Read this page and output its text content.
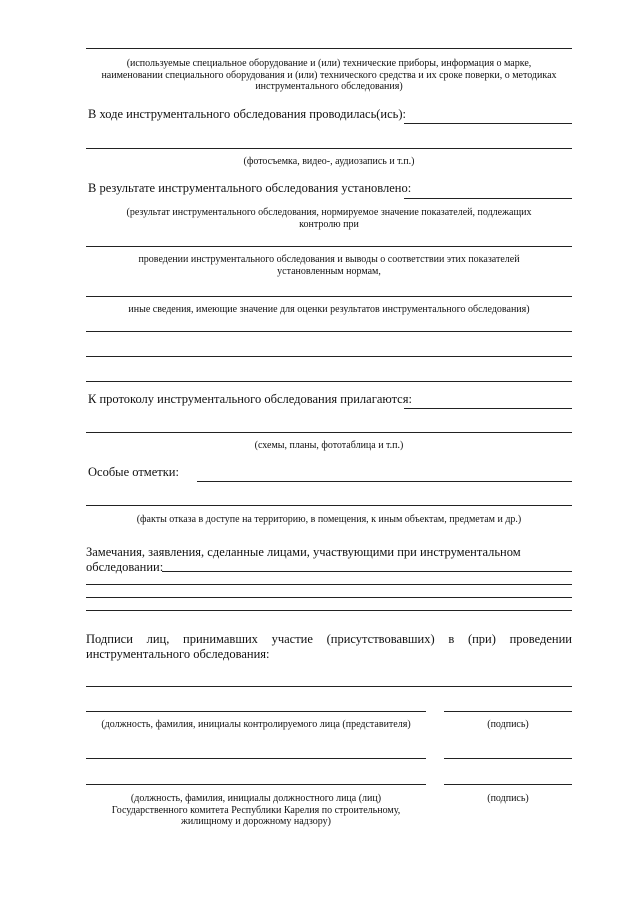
(используемые специальное оборудование и (или) технические приборы, информация о марке, наименовании специального оборудования и (или) технического средства и их сроке поверки, о методиках инструментального обследования)
В ходе инструментального обследования проводилась(ись):
(фотосъемка, видео-, аудиозапись и т.п.)
В результате инструментального обследования установлено:
(результат инструментального обследования, нормируемое значение показателей, подлежащих контролю при
проведении инструментального обследования и выводы о соответствии этих показателей установленным нормам,
иные сведения, имеющие значение для оценки результатов инструментального обследования)
К протоколу инструментального обследования прилагаются:
(схемы, планы, фототаблица и т.п.)
Особые отметки:
(факты отказа в доступе на территорию, в помещения, к иным объектам, предметам и др.)
Замечания, заявления, сделанные лицами, участвующими при инструментальном
обследовании:
Подписи лиц, принимавших участие (присутствовавших) в (при) проведении
инструментального обследования:
(должность, фамилия, инициалы контролируемого лица (представителя)	(подпись)
(должность, фамилия, инициалы должностного лица (лиц) Государственного комитета Республики Карелия по строительному, жилищному и дорожному надзору)
(подпись)
